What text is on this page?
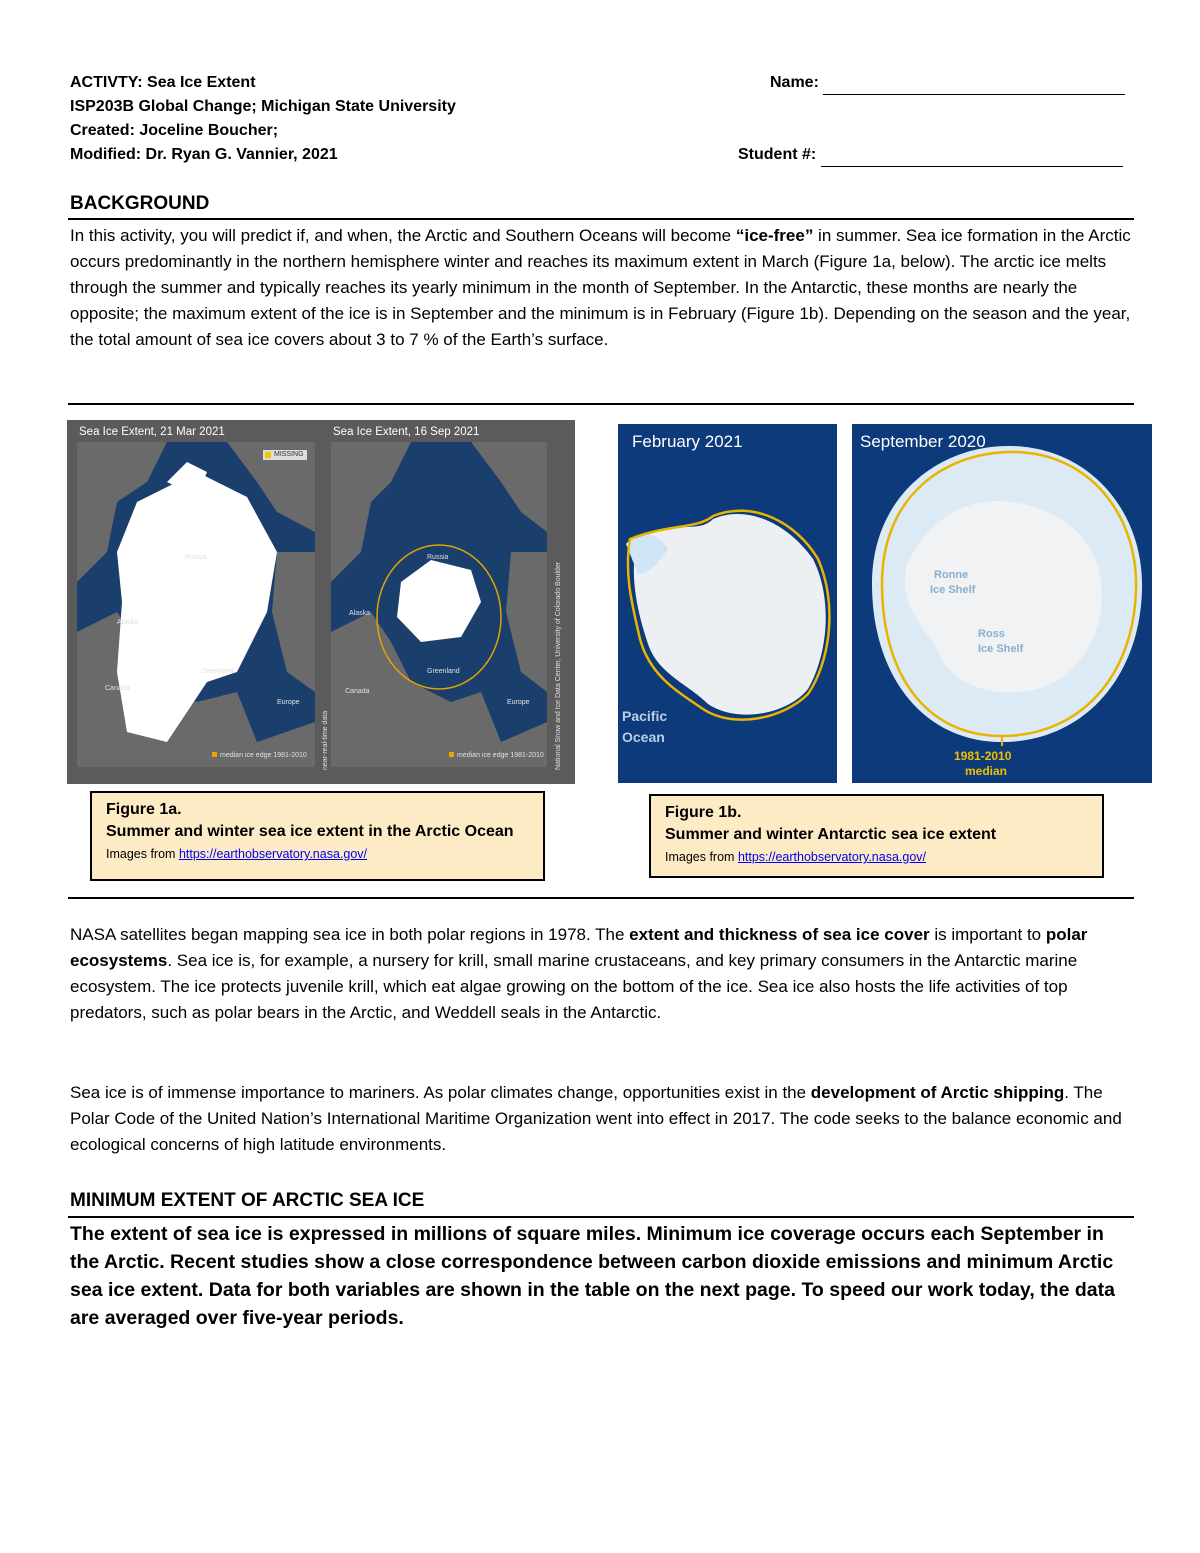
ACTIVTY: Sea Ice Extent
ISP203B Global Change; Michigan State University
Created: Joceline Boucher;
Modified: Dr. Ryan G. Vannier, 2021
Name:
Student #:
BACKGROUND
In this activity, you will predict if, and when, the Arctic and Southern Oceans will become “ice-free” in summer. Sea ice formation in the Arctic occurs predominantly in the northern hemisphere winter and reaches its maximum extent in March (Figure 1a, below). The arctic ice melts through the summer and typically reaches its yearly minimum in the month of September. In the Antarctic, these months are nearly the opposite; the maximum extent of the ice is in September and the minimum is in February (Figure 1b). Depending on the season and the year, the total amount of sea ice covers about 3 to 7 % of the Earth’s surface.
MISSING
Russia
Alaska
Canada
Greenland
Europe
median ice edge 1981-2010
Sea Ice Extent, 21 Mar 2021
Russia
Alaska
Canada
Greenland
Europe
median ice edge 1981-2010
Sea Ice Extent, 16 Sep 2021
National Snow and Ice Data Center, University of Colorado Boulder
near-real-time data
February 2021
Pacific
Ocean
September 2020
Ronne
Ice Shelf
Ross
Ice Shelf
1981-2010
median
Figure 1a.
Summer and winter sea ice extent in the Arctic Ocean Images from https://earthobservatory.nasa.gov/
Figure 1b.
Summer and winter Antarctic sea ice extent
Images from https://earthobservatory.nasa.gov/
NASA satellites began mapping sea ice in both polar regions in 1978. The extent and thickness of sea ice cover is important to polar ecosystems. Sea ice is, for example, a nursery for krill, small marine crustaceans, and key primary consumers in the Antarctic marine ecosystem. The ice protects juvenile krill, which eat algae growing on the bottom of the ice. Sea ice also hosts the life activities of top predators, such as polar bears in the Arctic, and Weddell seals in the Antarctic.
Sea ice is of immense importance to mariners. As polar climates change, opportunities exist in the development of Arctic shipping. The Polar Code of the United Nation’s International Maritime Organization went into effect in 2017. The code seeks to the balance economic and ecological concerns of high latitude environments.
MINIMUM EXTENT OF ARCTIC SEA ICE
The extent of sea ice is expressed in millions of square miles. Minimum ice coverage occurs each September in the Arctic. Recent studies show a close correspondence between carbon dioxide emissions and minimum Arctic sea ice extent. Data for both variables are shown in the table on the next page. To speed our work today, the data are averaged over five-year periods.
